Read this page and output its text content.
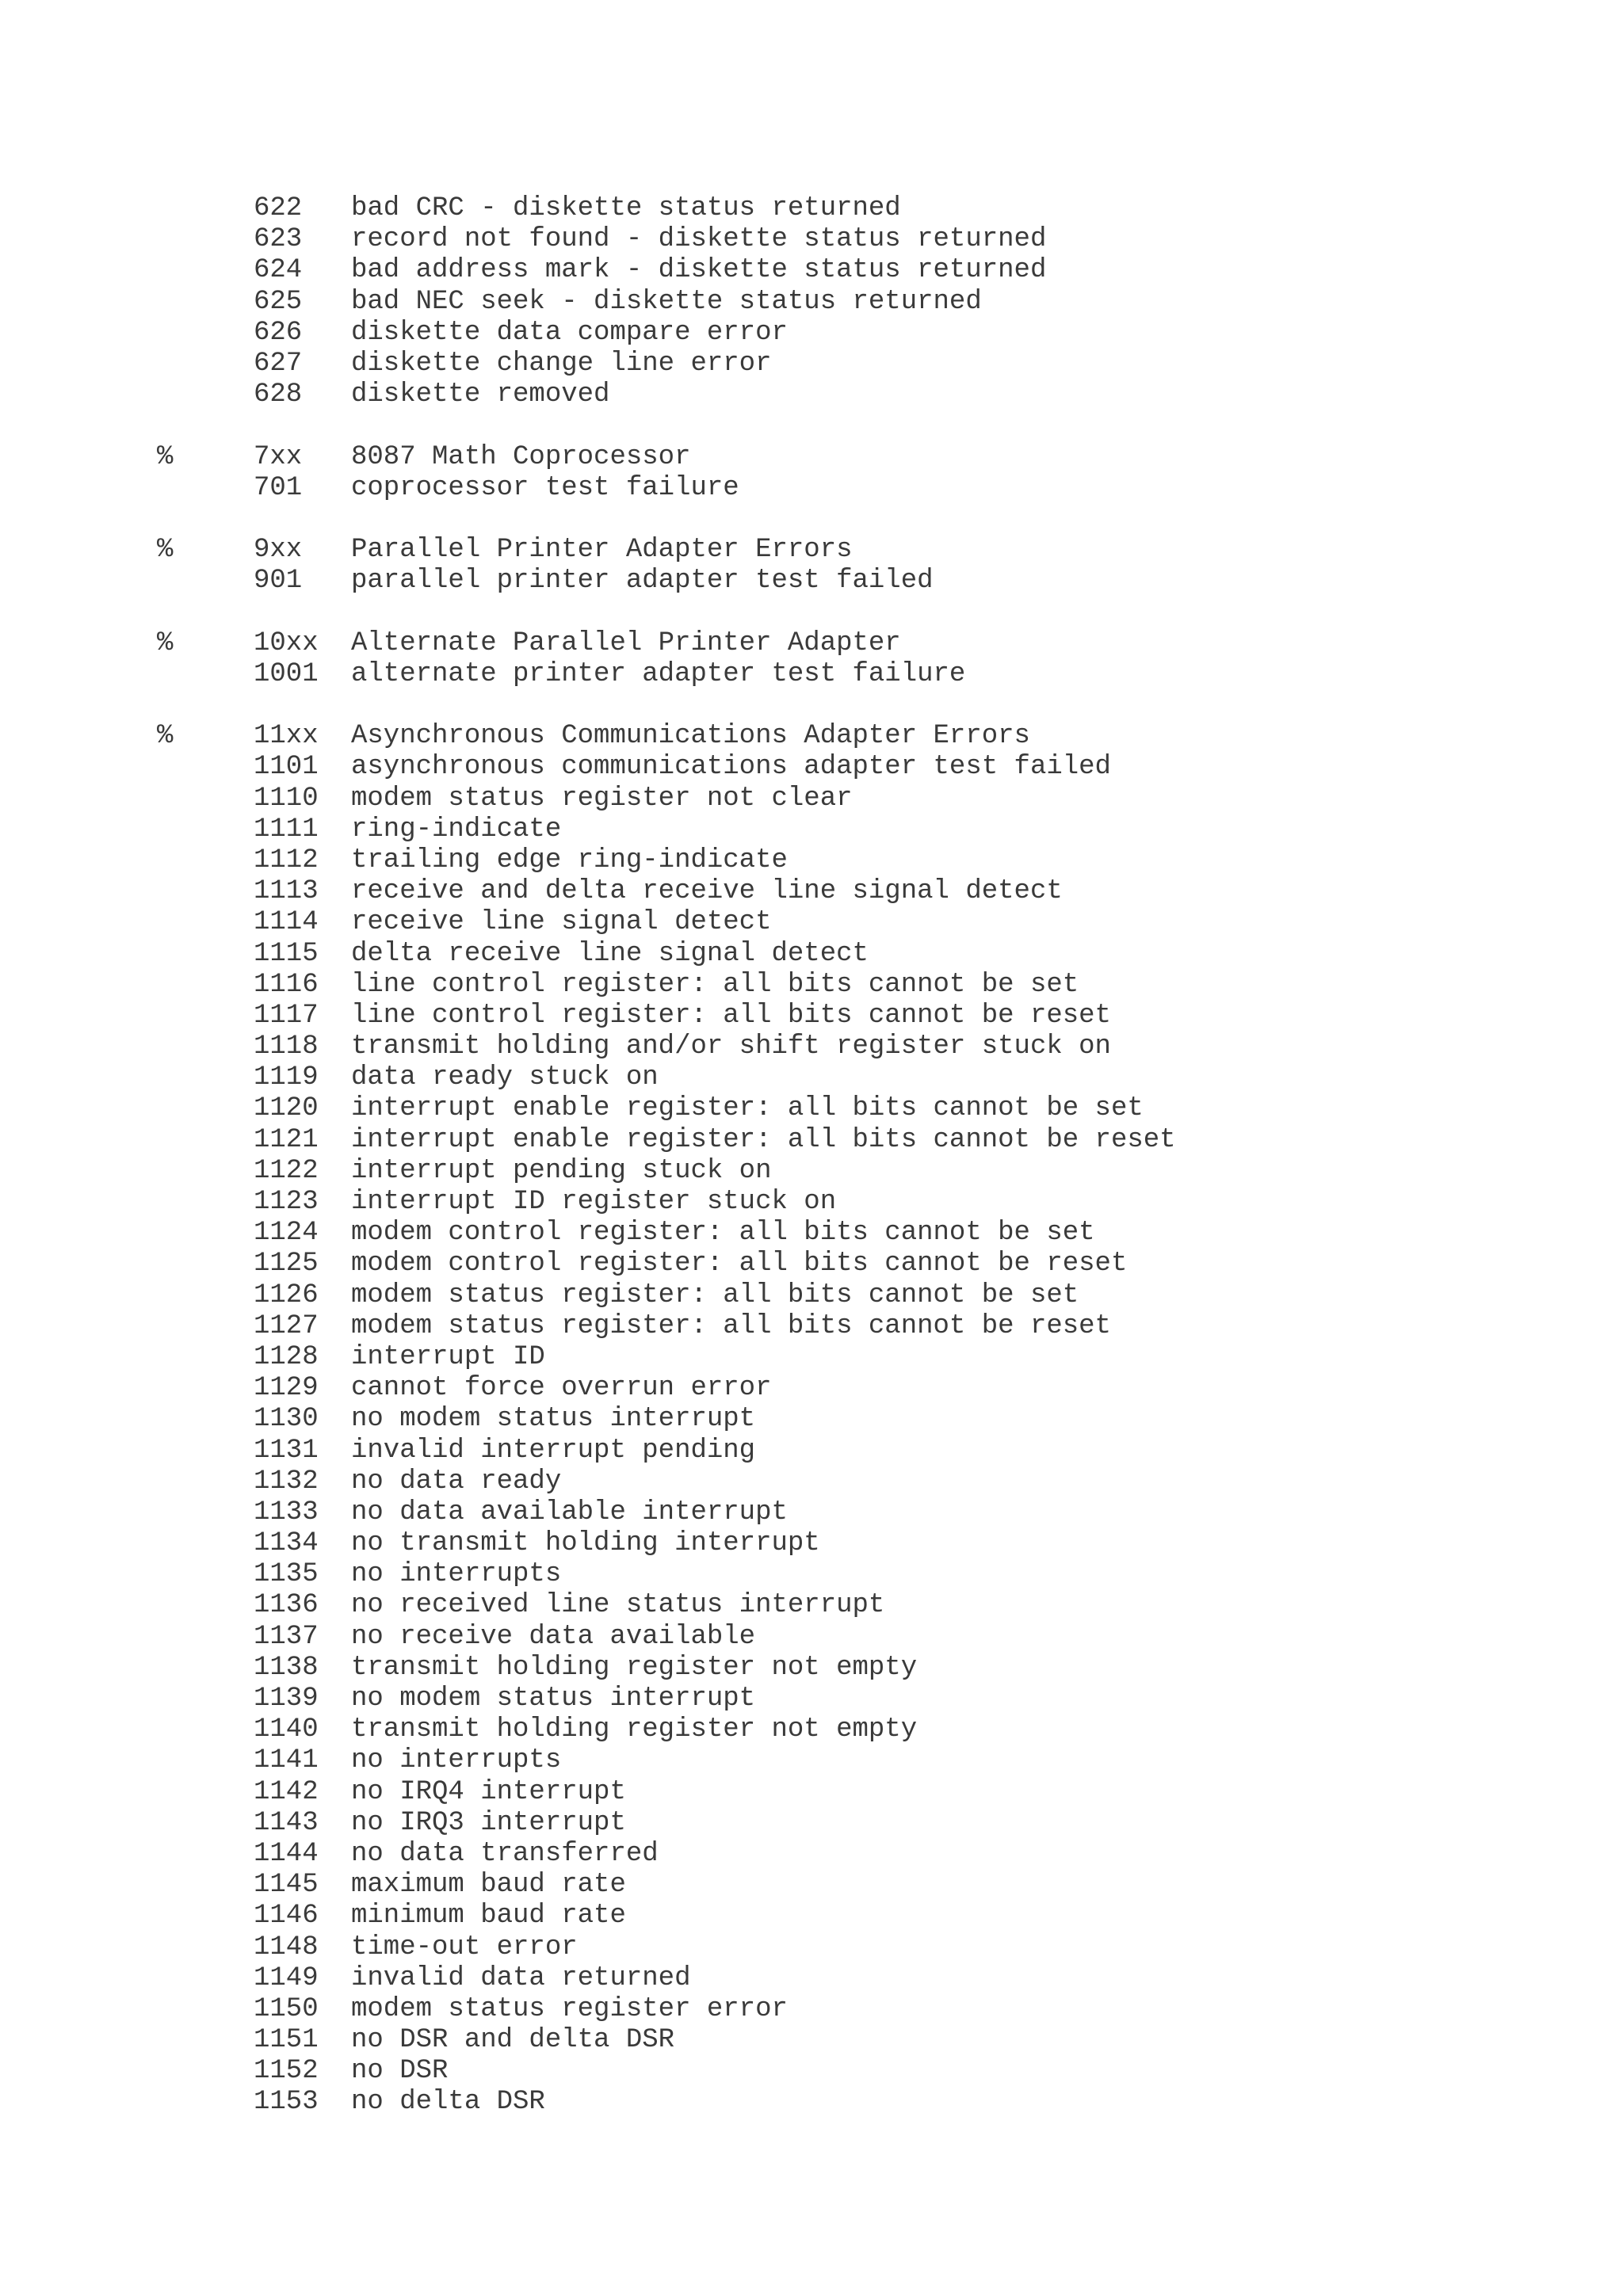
622 bad CRC - diskette status returned
623 record not found - diskette status returned
624 bad address mark - diskette status returned
625 bad NEC seek - diskette status returned
626 diskette data compare error
627 diskette change line error
628 diskette removed
%	7xx 8087 Math Coprocessor
701 coprocessor test failure
%	9xx Parallel Printer Adapter Errors
901 parallel printer adapter test failed
%	10xx Alternate Parallel Printer Adapter
1001 alternate printer adapter test failure
%	11xx Asynchronous Communications Adapter Errors
1101 asynchronous communications adapter test failed
1110 modem status register not clear
1111 ring-indicate
1112 trailing edge ring-indicate
1113 receive and delta receive line signal detect
1114 receive line signal detect
1115 delta receive line signal detect
1116 line control register: all bits cannot be set
1117 line control register: all bits cannot be reset
1118 transmit holding and/or shift register stuck on
1119 data ready stuck on
1120 interrupt enable register: all bits cannot be set
1121 interrupt enable register: all bits cannot be reset
1122 interrupt pending stuck on
1123 interrupt ID register stuck on
1124 modem control register: all bits cannot be set
1125 modem control register: all bits cannot be reset
1126 modem status register: all bits cannot be set
1127 modem status register: all bits cannot be reset
1128 interrupt ID
1129 cannot force overrun error
1130 no modem status interrupt
1131 invalid interrupt pending
1132 no data ready
1133 no data available interrupt
1134 no transmit holding interrupt
1135 no interrupts
1136 no received line status interrupt
1137 no receive data available
1138 transmit holding register not empty
1139 no modem status interrupt
1140 transmit holding register not empty
1141 no interrupts
1142 no IRQ4 interrupt
1143 no IRQ3 interrupt
1144 no data transferred
1145 maximum baud rate
1146 minimum baud rate
1148 time-out error
1149 invalid data returned
1150 modem status register error
1151 no DSR and delta DSR
1152 no DSR
1153 no delta DSR
